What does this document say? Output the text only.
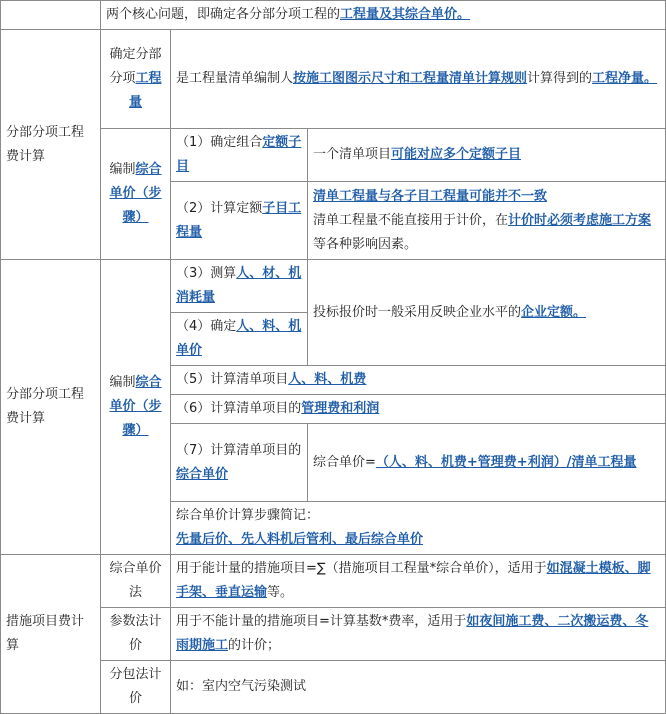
	两个核心问题，即确定各分部分项工程的工程量及其综合单价。		
分部分项工程费计算	确定分部分项工程量	是工程量清单编制人按施工图图示尺寸和工程量清单计算规则计算得到的工程净量。	
	编制综合单价（步骤）	（1）确定组合定额子目	一个清单项目可能对应多个定额子目
		（2）计算定额子目工程量	清单工程量与各子目工程量可能并不一致
清单工程量不能直接用于计价，在计价时必须考虑施工方案等各种影响因素。
分部分项工程费计算	编制综合单价（步骤）	（3）测算人、材、机消耗量	投标报价时一般采用反映企业水平的企业定额。
		（4）确定人、料、机单价	
		（5）计算清单项目人、料、机费	
		（6）计算清单项目的管理费和利润	
		（7）计算清单项目的综合单价	综合单价=（人、料、机费+管理费+利润）/清单工程量

		综合单价计算步骤简记：
先量后价、先人料机后管利、最后综合单价	

措施项目费计算	综合单价法	用于能计量的措施项目=∑（措施项目工程量*综合单价），适用于如混凝土模板、脚手架、垂直运输等。	
	参数法计价	用于不能计量的措施项目=计算基数*费率，适用于如夜间施工费、二次搬运费、冬雨期施工的计价；	
	分包法计价	如：室内空气污染测试	
